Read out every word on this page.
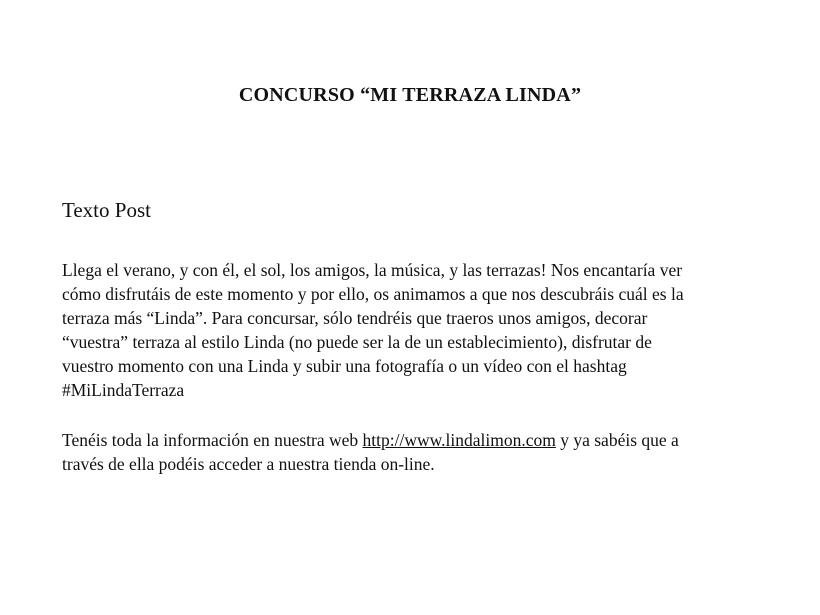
CONCURSO “MI TERRAZA LINDA”
Texto Post

Llega el verano, y con él, el sol, los amigos, la música, y las terrazas! Nos encantaría ver
cómo disfrutáis de este momento y por ello, os animamos a que nos descubráis cuál es la
terraza más “Linda”. Para concursar, sólo tendréis que traeros unos amigos, decorar
“vuestra” terraza al estilo Linda (no puede ser la de un establecimiento), disfrutar de
vuestro momento con una Linda y subir una fotografía o un vídeo con el hashtag
#MiLindaTerraza

Tenéis toda la información en nuestra web http://www.lindalimon.com y ya sabéis que a
través de ella podéis acceder a nuestra tienda on-line.
